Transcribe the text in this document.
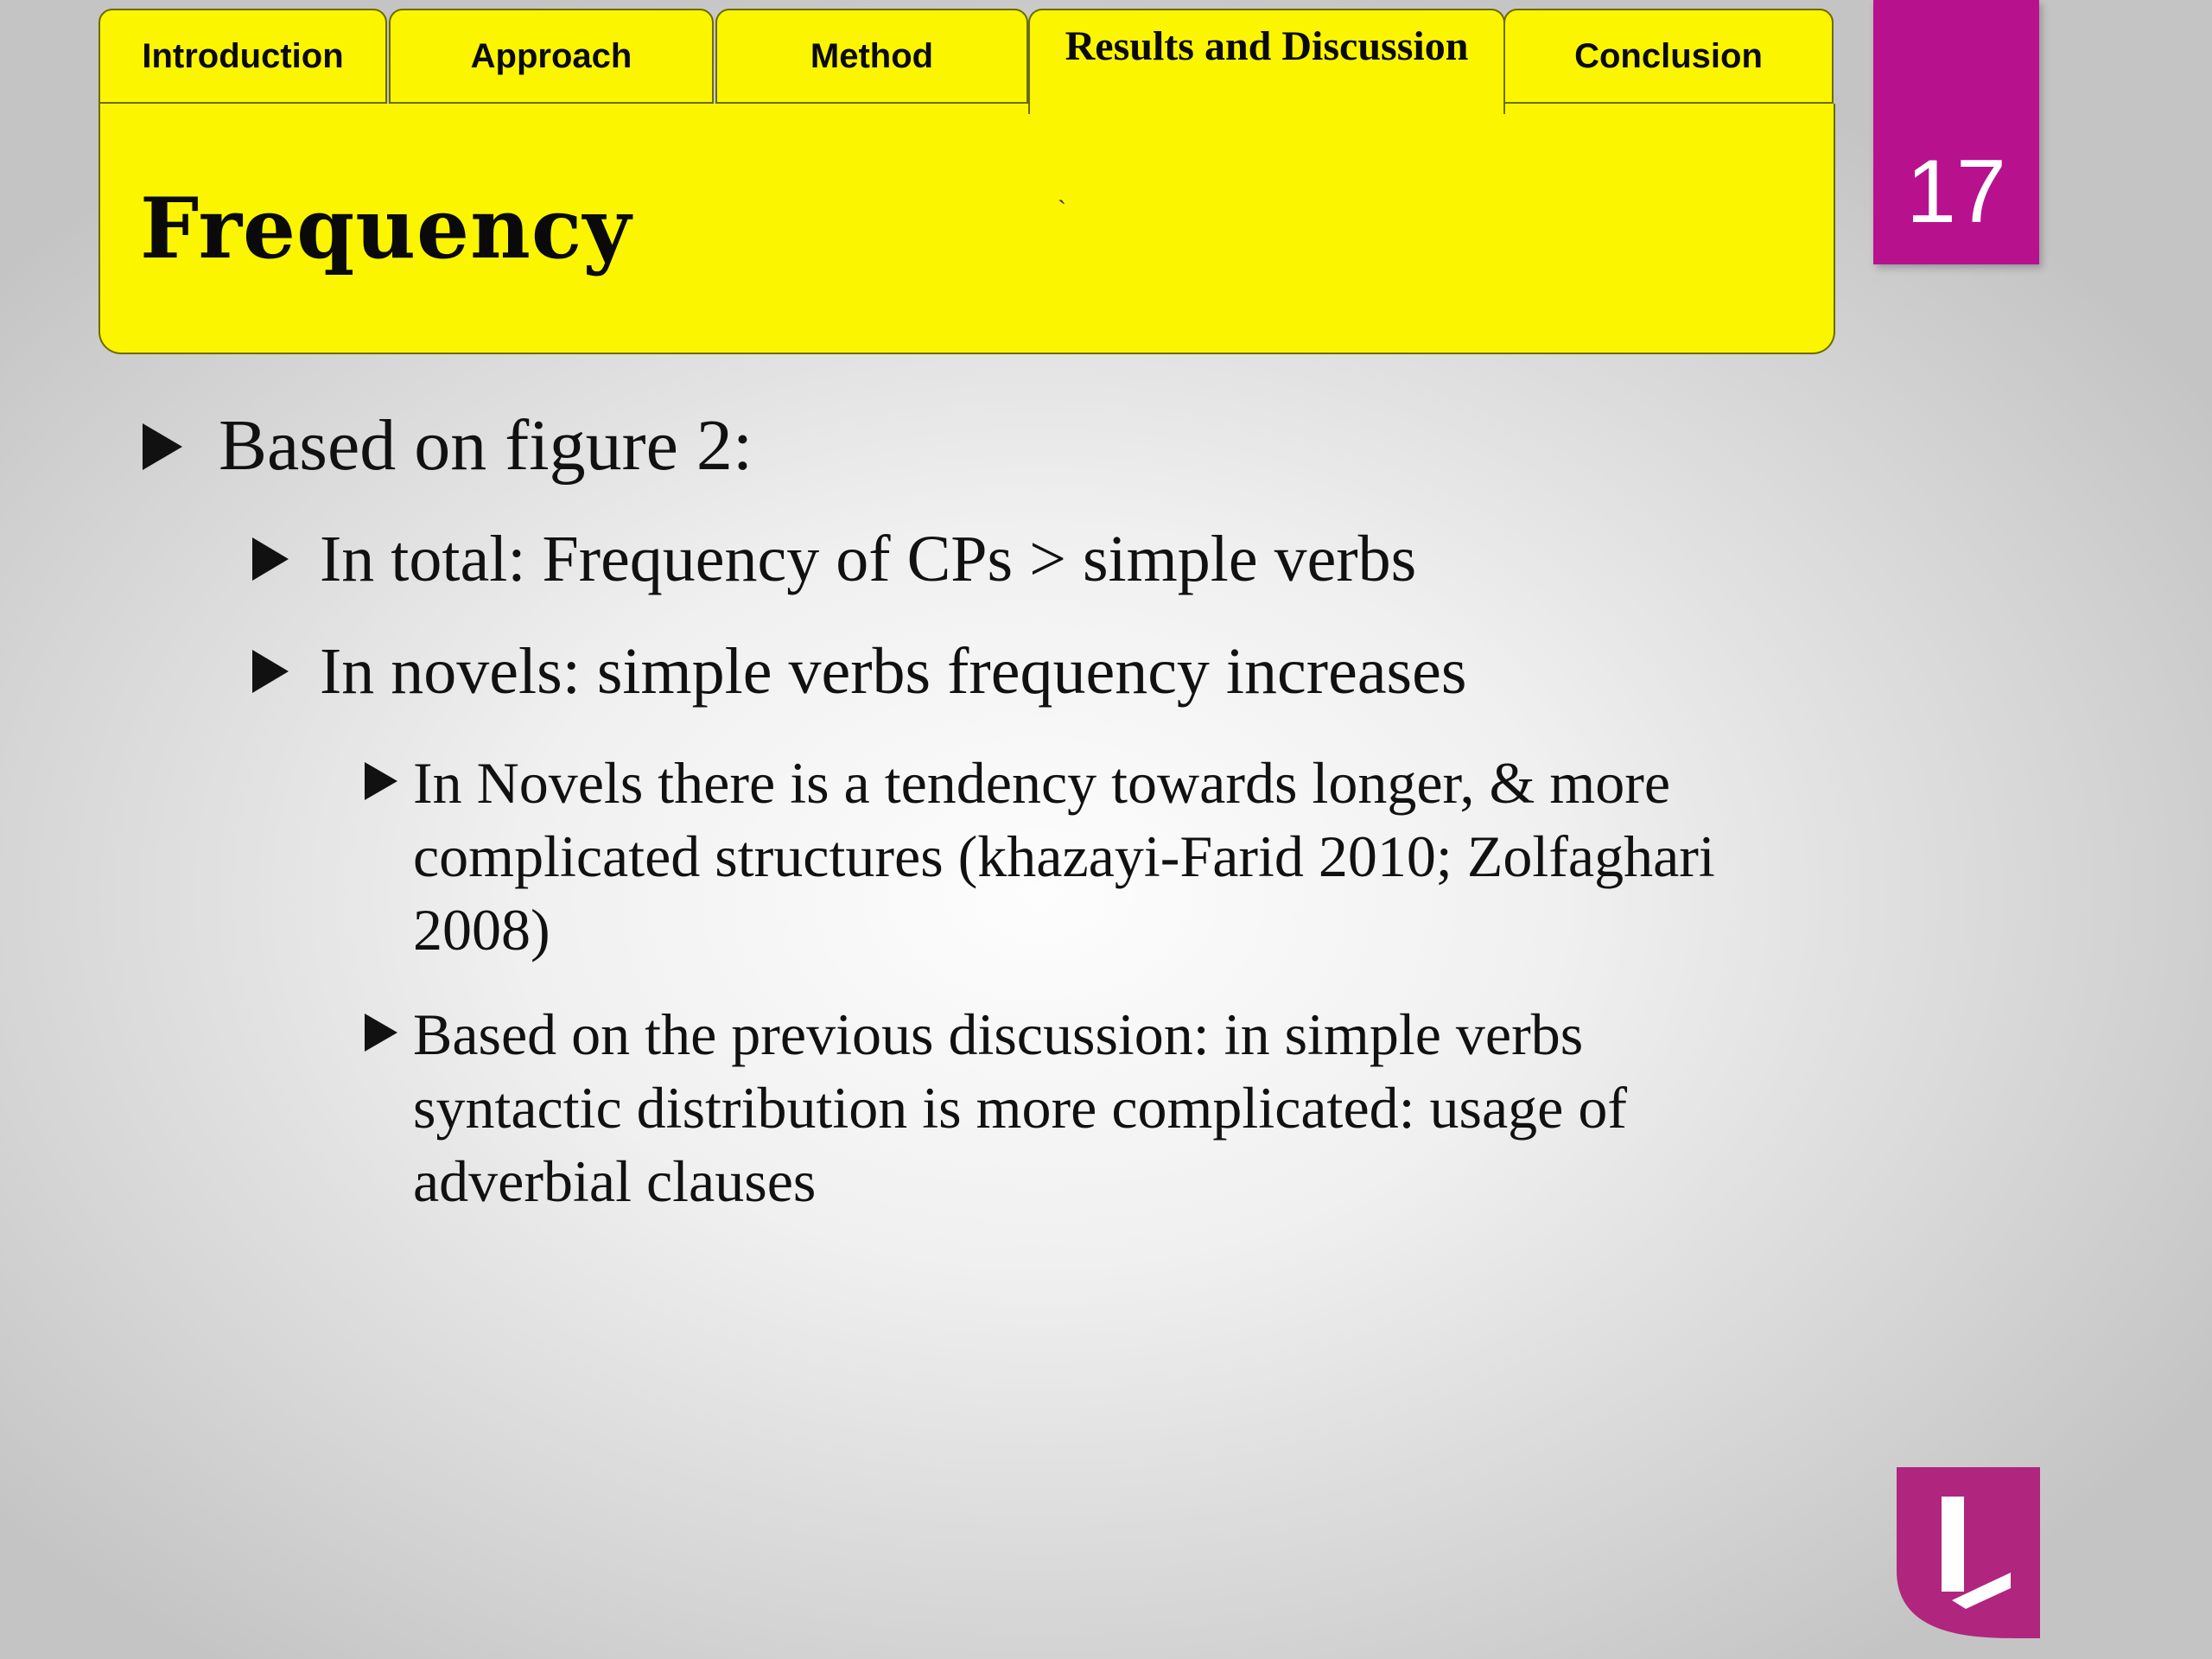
Introduction	Approach	Method	Results and Discussion	Conclusion
Frequency	`	17
Based on figure 2:
In total: Frequency of CPs > simple verbs
In novels: simple verbs frequency increases
In Novels there is a tendency towards longer, & more complicated structures (khazayi-Farid 2010; Zolfaghari 2008)
Based on the previous discussion: in simple verbs syntactic distribution is more complicated: usage of adverbial clauses
